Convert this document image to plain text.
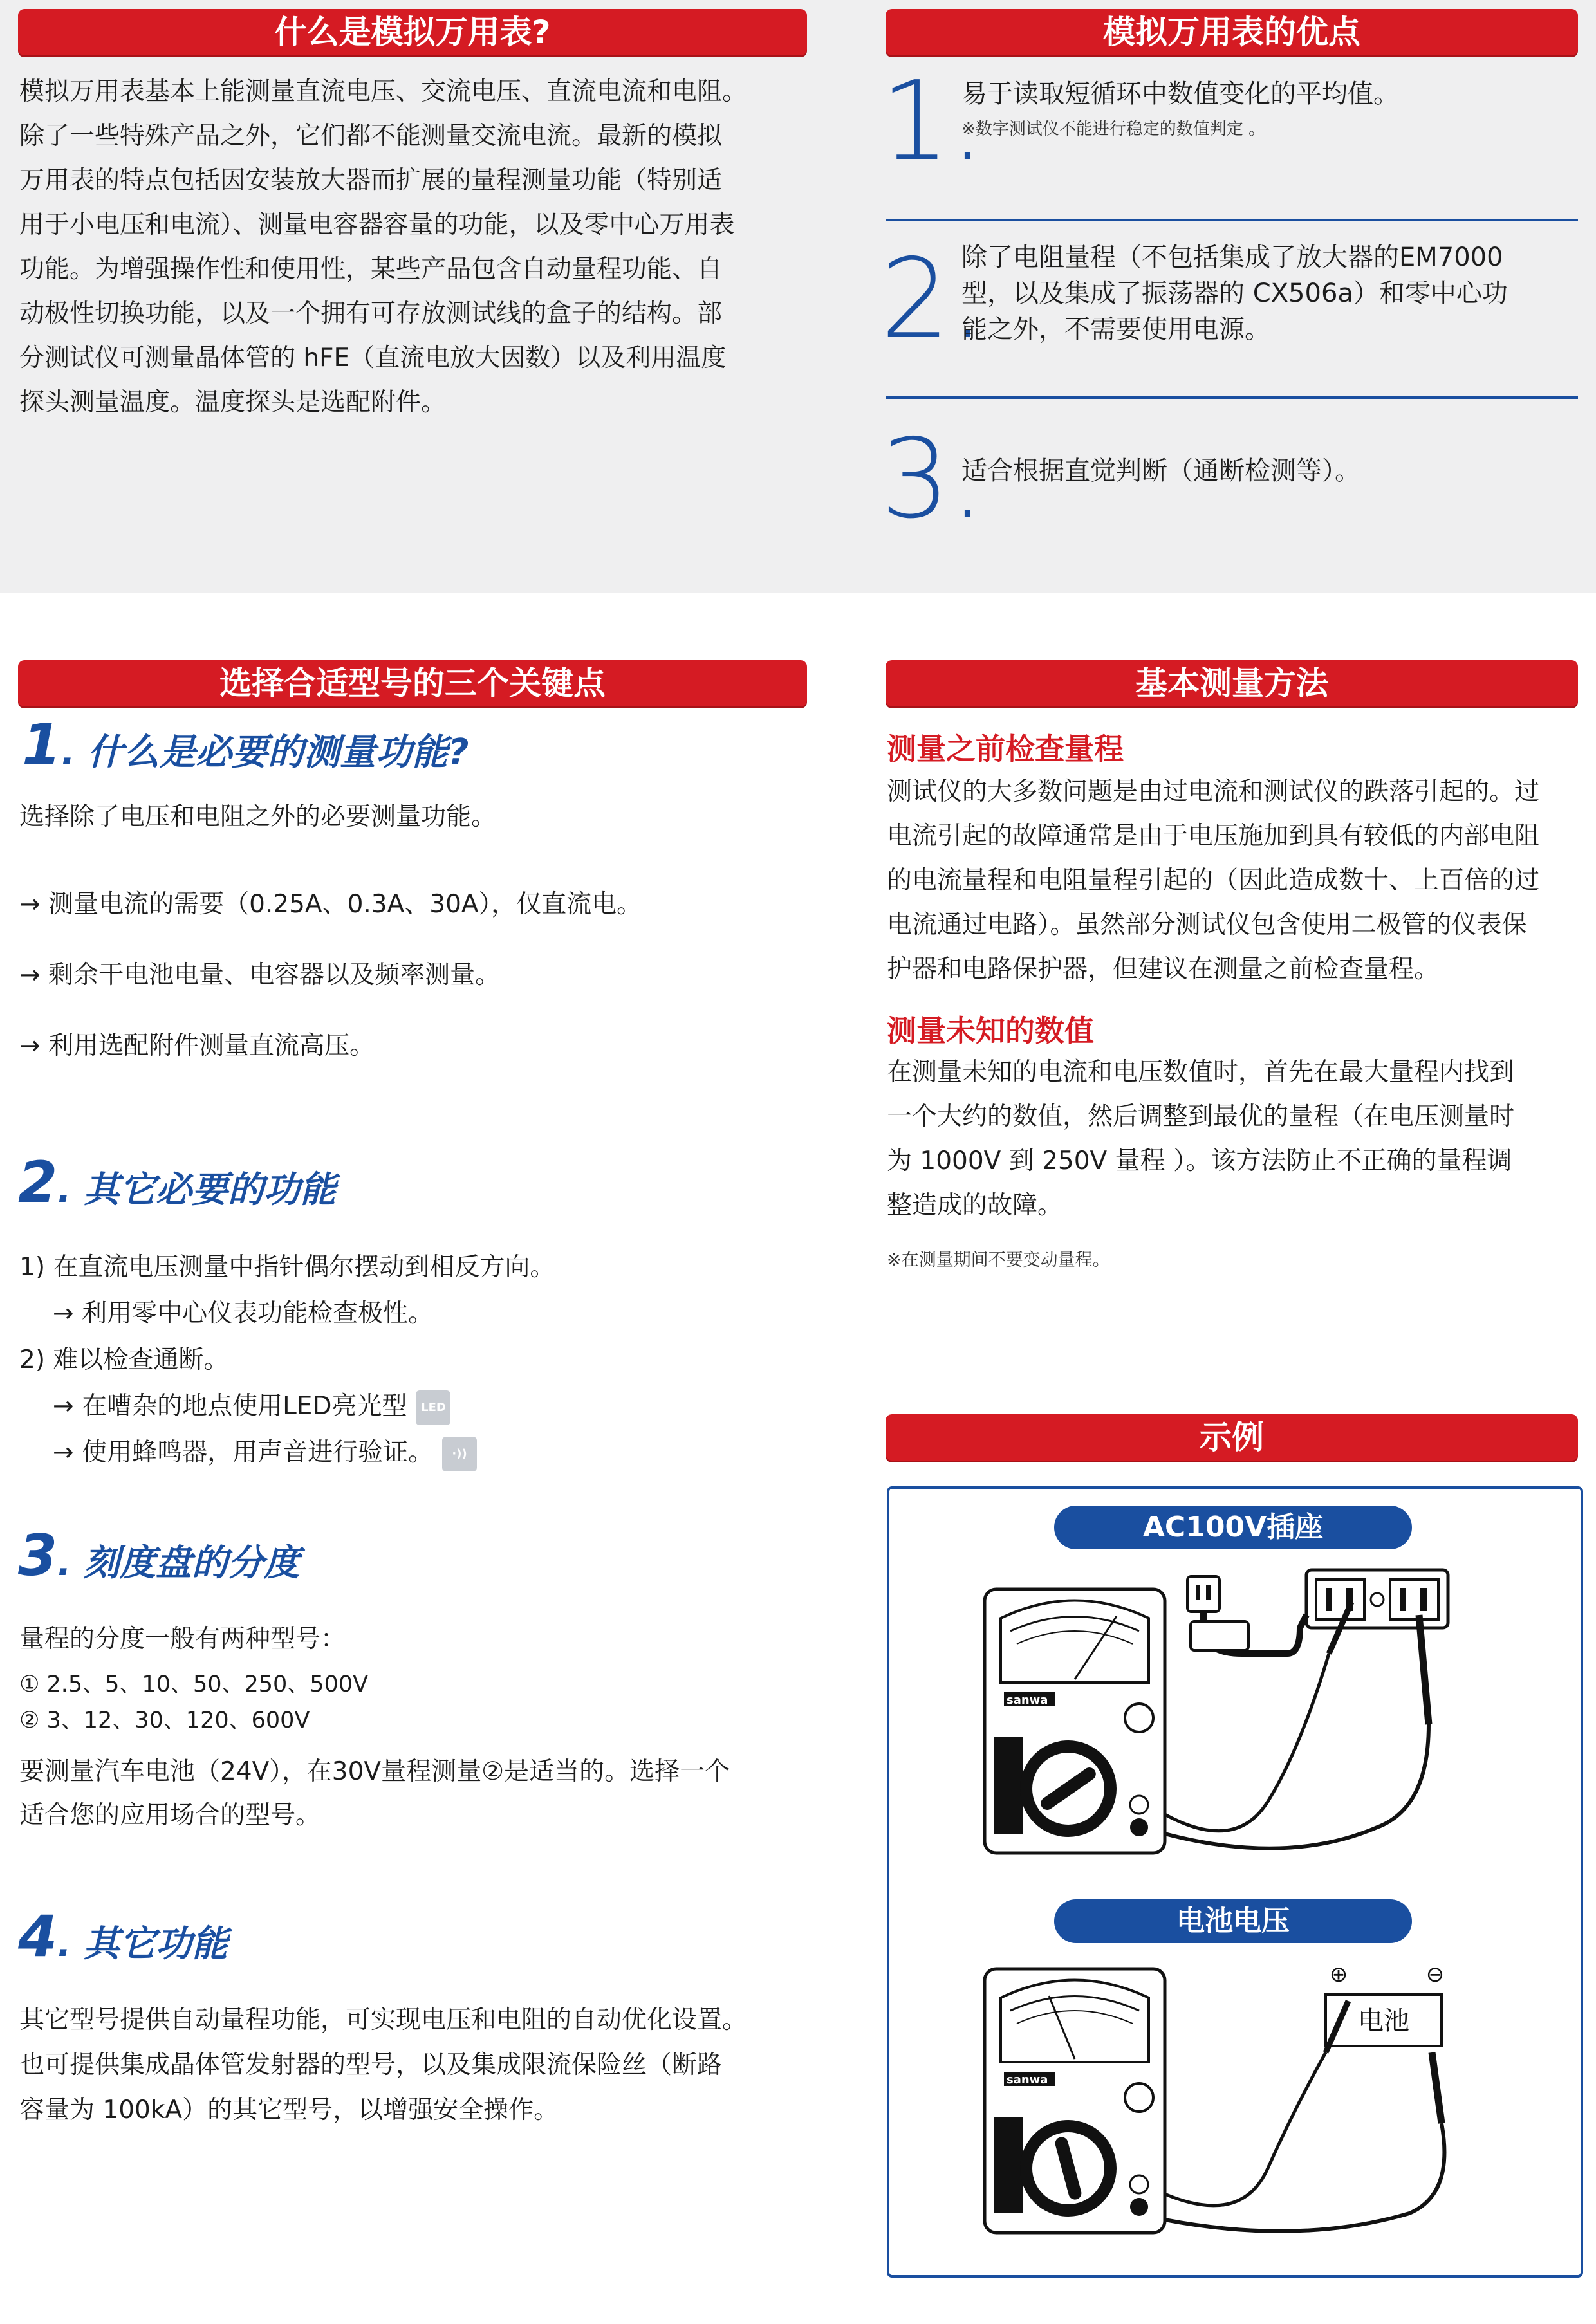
什么是模拟万用表?
模拟万用表基本上能测量直流电压、交流电压、直流电流和电阻。
除了一些特殊产品之外，它们都不能测量交流电流。最新的模拟
万用表的特点包括因安装放大器而扩展的量程测量功能（特别适
用于小电压和电流）、测量电容器容量的功能，以及零中心万用表
功能。为增强操作性和使用性，某些产品包含自动量程功能、自
动极性切换功能，以及一个拥有可存放测试线的盒子的结构。部
分测试仪可测量晶体管的 hFE（直流电放大因数）以及利用温度
探头测量温度。温度探头是选配附件。
模拟万用表的优点
1.
易于读取短循环中数值变化的平均值。
※数字测试仪不能进行稳定的数值判定 。
2.
除了电阻量程（不包括集成了放大器的EM7000
型，以及集成了振荡器的 CX506a）和零中心功
能之外，不需要使用电源。
3.
适合根据直觉判断（通断检测等）。
选择合适型号的三个关键点
1. 什么是必要的测量功能?
选择除了电压和电阻之外的必要测量功能。
→ 测量电流的需要（0.25A、0.3A、30A），仅直流电。
→ 剩余干电池电量、电容器以及频率测量。
→ 利用选配附件测量直流高压。
2. 其它必要的功能
1) 在直流电压测量中指针偶尔摆动到相反方向。
→ 利用零中心仪表功能检查极性。
2) 难以检查通断。
→ 在嘈杂的地点使用LED亮光型 LED
→ 使用蜂鸣器，用声音进行验证。 ·))
3. 刻度盘的分度
量程的分度一般有两种型号：
① 2.5、5、10、50、250、500V
② 3、12、30、120、600V
要测量汽车电池（24V），在30V量程测量②是适当的。选择一个
适合您的应用场合的型号。
4. 其它功能
其它型号提供自动量程功能，可实现电压和电阻的自动优化设置。
也可提供集成晶体管发射器的型号，以及集成限流保险丝（断路
容量为 100kA）的其它型号，以增强安全操作。
基本测量方法
测量之前检查量程
测试仪的大多数问题是由过电流和测试仪的跌落引起的。过
电流引起的故障通常是由于电压施加到具有较低的内部电阻
的电流量程和电阻量程引起的（因此造成数十、上百倍的过
电流通过电路）。虽然部分测试仪包含使用二极管的仪表保
护器和电路保护器，但建议在测量之前检查量程。
测量未知的数值
在测量未知的电流和电压数值时，首先在最大量程内找到
一个大约的数值，然后调整到最优的量程（在电压测量时
为 1000V 到 250V 量程 ）。该方法防止不正确的量程调
整造成的故障。
※在测量期间不要变动量程。
示例
AC100V插座
电池电压
sanwa
sanwa
电池
⊕	⊖
